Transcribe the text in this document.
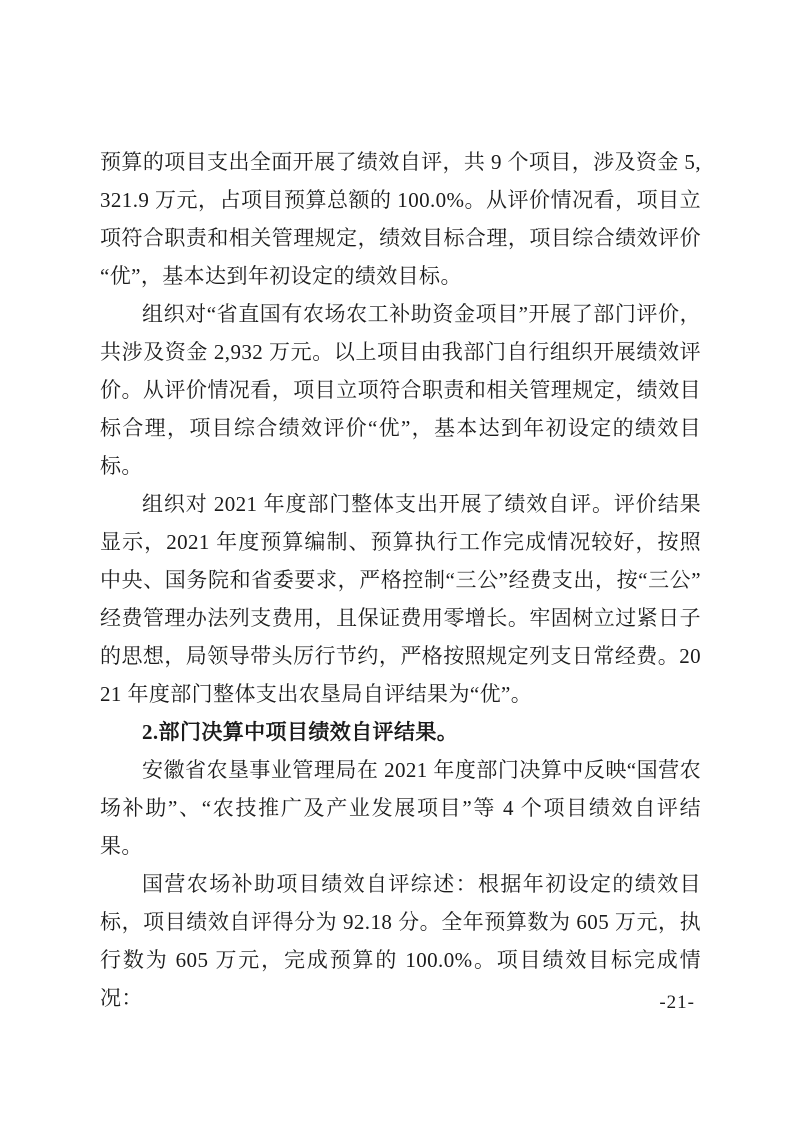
预算的项目支出全面开展了绩效自评，共 9 个项目，涉及资金 5,321.9 万元，占项目预算总额的 100.0%。从评价情况看，项目立项符合职责和相关管理规定，绩效目标合理，项目综合绩效评价“优”，基本达到年初设定的绩效目标。

组织对“省直国有农场农工补助资金项目”开展了部门评价，共涉及资金 2,932 万元。以上项目由我部门自行组织开展绩效评价。从评价情况看，项目立项符合职责和相关管理规定，绩效目标合理，项目综合绩效评价“优”，基本达到年初设定的绩效目标。

组织对 2021 年度部门整体支出开展了绩效自评。评价结果显示，2021 年度预算编制、预算执行工作完成情况较好，按照中央、国务院和省委要求，严格控制“三公”经费支出，按“三公”经费管理办法列支费用，且保证费用零增长。牢固树立过紧日子的思想，局领导带头厉行节约，严格按照规定列支日常经费。2021 年度部门整体支出农垦局自评结果为“优”。

2.部门决算中项目绩效自评结果。

安徽省农垦事业管理局在 2021 年度部门决算中反映“国营农场补助”、“农技推广及产业发展项目”等 4 个项目绩效自评结果。

国营农场补助项目绩效自评综述：根据年初设定的绩效目标，项目绩效自评得分为 92.18 分。全年预算数为 605 万元，执行数为 605 万元，完成预算的 100.0%。项目绩效目标完成情况：	-21-
